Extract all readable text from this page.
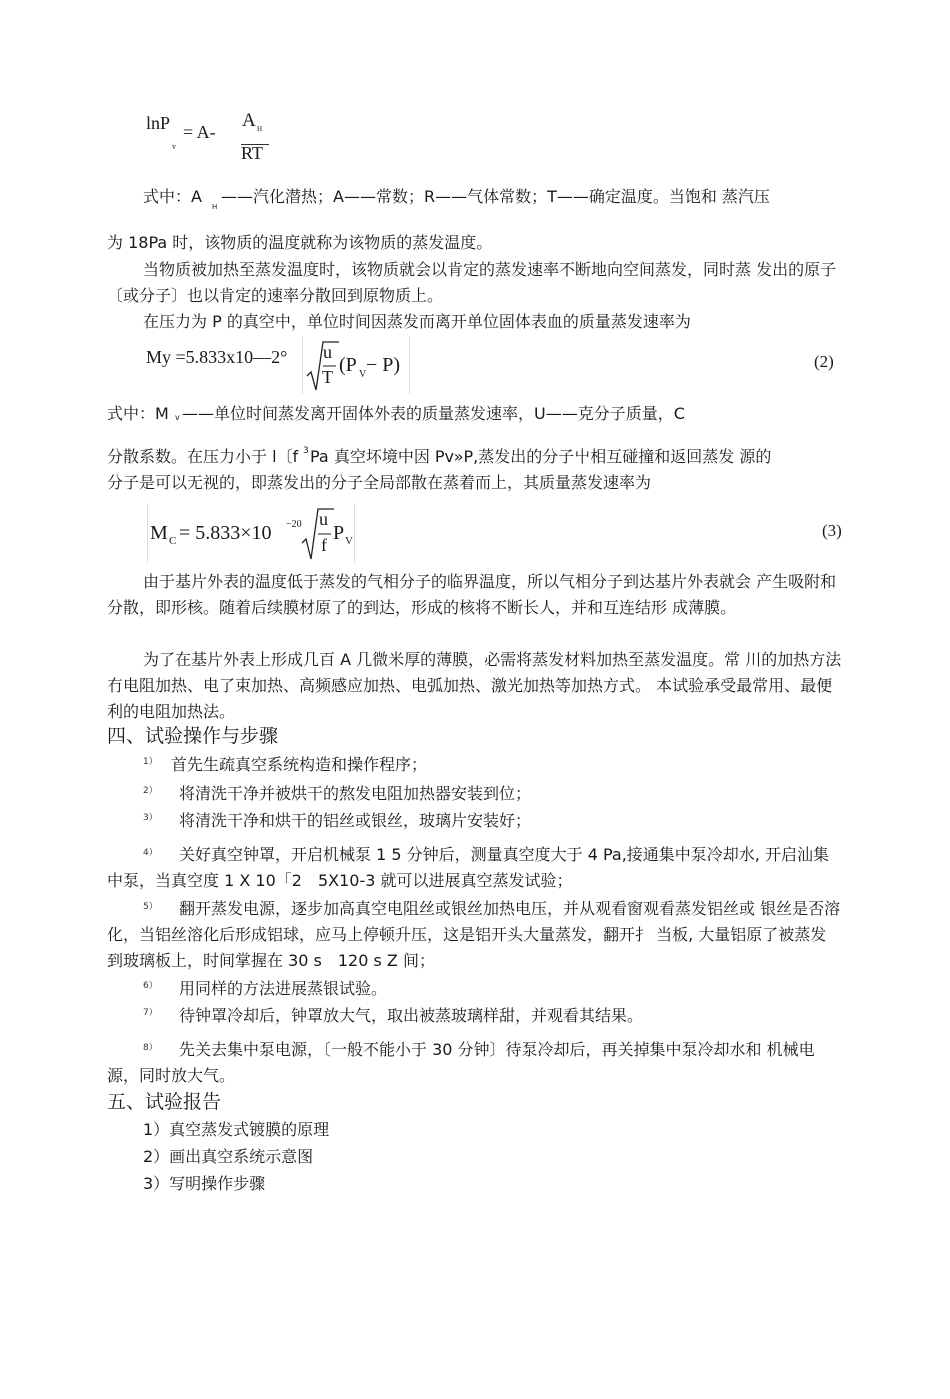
lnP
v
= A-
A H
RT
式中：A
H
——汽化潜热；A——常数；R——气体常数；T——确定温度。当饱和 蒸汽压
为 18Pa 时，该物质的温度就称为该物质的蒸发温度。

当物质被加热至蒸发温度时，该物质就会以肯定的蒸发速率不断地向空间蒸发，同时蒸 发出的原子〔或分子〕也以肯定的速率分散回到原物质上。

在压力为 P 的真空中，单位时间因蒸发而离开单位固体表血的质量蒸发速率为

My =5.833x10—2° u
T
(P V − P)	(2)
式中：M v ——单位时间蒸发离开固体外表的质量蒸发速率，U——克分子质量，C
分散系数。在压力小于 l〔f 3 Pa 真空坏境中因 Pv»P,蒸发出的分子屮相互碰撞和返回蒸发 源的
分子是可以无视的，即蒸发出的分子全局部散在蒸着而上，其质量蒸发速率为
M C = 5.833×10 −20 u
f
P V
(3)

由于基片外表的温度低于蒸发的气相分子的临界温度，所以气相分子到达基片外表就会 产生吸附和分散，即形核。随着后续膜材原了的到达，形成的核将不断长人，并和互连结形 成薄膜。

为了在基片外表上形成几百 A 几微米厚的薄膜，必需将蒸发材料加热至蒸发温度。常 川的加热方法冇电阻加热、电了束加热、高频感应加热、电弧加热、激光加热等加热方式。 本试验承受最常用、最便利的电阻加热法。

四、试验操作与步骤
1） 首先生疏真空系统构造和操作程序；
2） 将清洗干净并被烘干的熬发电阻加热器安装到位；
3） 将清洗干净和烘干的铝丝或银丝，玻璃片安装好；
4）	关好真空钟罩，开启机械泵 1 5 分钟后，测量真空度大于 4 Pa,接通集中泵冷却水, 开启汕集中泵，当真空度 1 X 10「2　5X10-3 就可以进展真空蒸发试验；

5）	翻开蒸发电源，逐步加高真空电阻丝或银丝加热电压，并从观看窗观看蒸发铝丝或 银丝是否溶化，当铝丝溶化后形成铝球，应马上停顿升压，这是铝开头大量蒸发，翻开扌 当板, 大量铝原了被蒸发到玻璃板上，时间掌握在 30 s　120 s Z 间；

6） 用同样的方法进展蒸银试验。
7） 待钟罩冷却后，钟罩放大气，取出被蒸玻璃样甜，并观看其结果。
8）	先关去集中泵电源，〔一般不能小于 30 分钟〕待泵冷却后，再关掉集中泵冷却水和 机械电源，同时放大气。

五、试验报告
1）真空蒸发式镀膜的原理
2）画出真空系统示意图
3）写明操作步骤
